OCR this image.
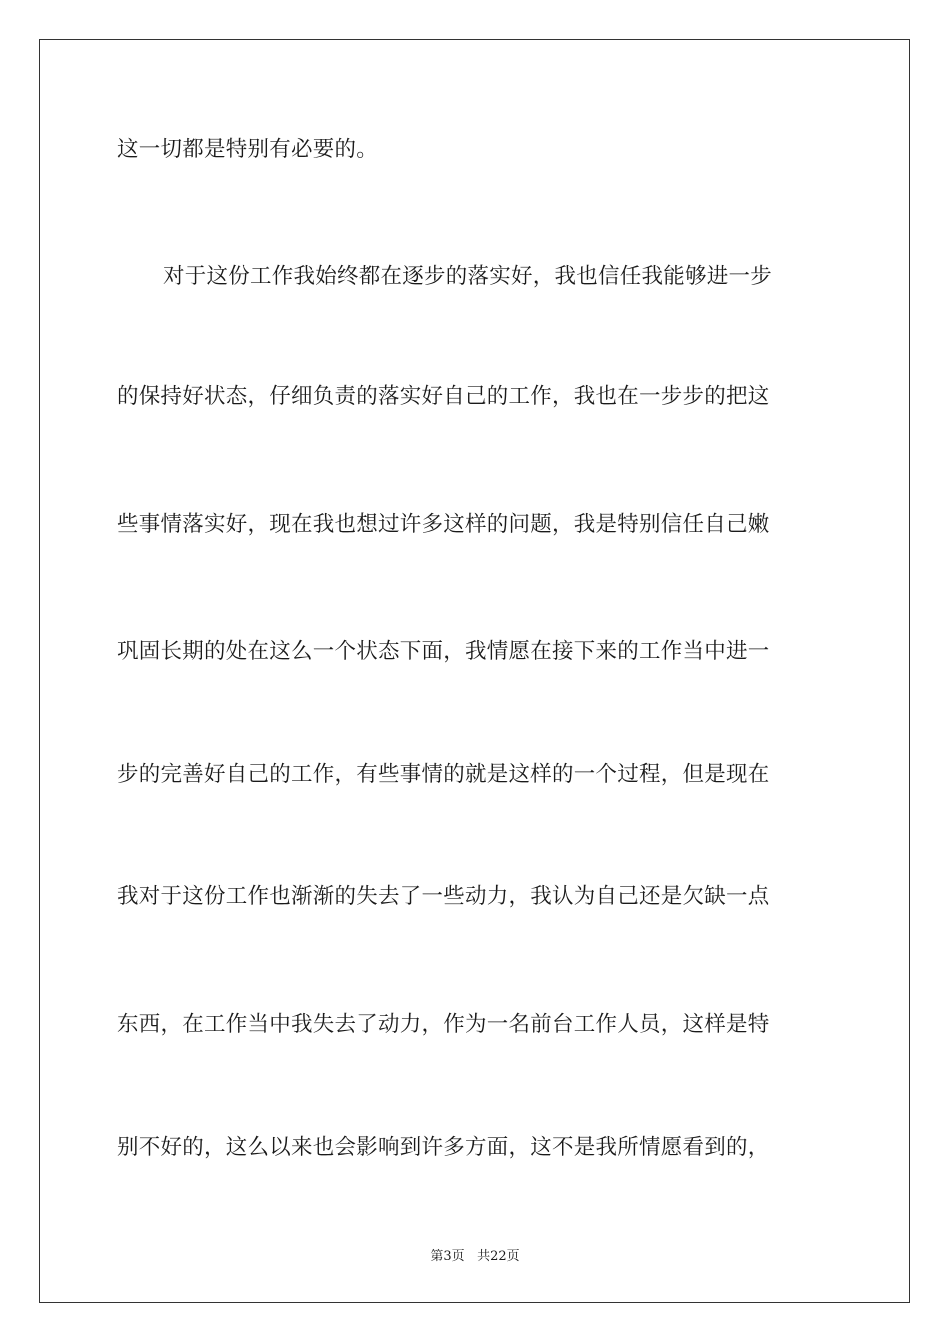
这一切都是特别有必要的。
对于这份工作我始终都在逐步的落实好，我也信任我能够进一步
的保持好状态，仔细负责的落实好自己的工作，我也在一步步的把这
些事情落实好，现在我也想过许多这样的问题，我是特别信任自己嫩
巩固长期的处在这么一个状态下面，我情愿在接下来的工作当中进一
步的完善好自己的工作，有些事情的就是这样的一个过程，但是现在
我对于这份工作也渐渐的失去了一些动力，我认为自己还是欠缺一点
东西，在工作当中我失去了动力，作为一名前台工作人员，这样是特
别不好的，这么以来也会影响到许多方面，这不是我所情愿看到的，
第3页 共22页
